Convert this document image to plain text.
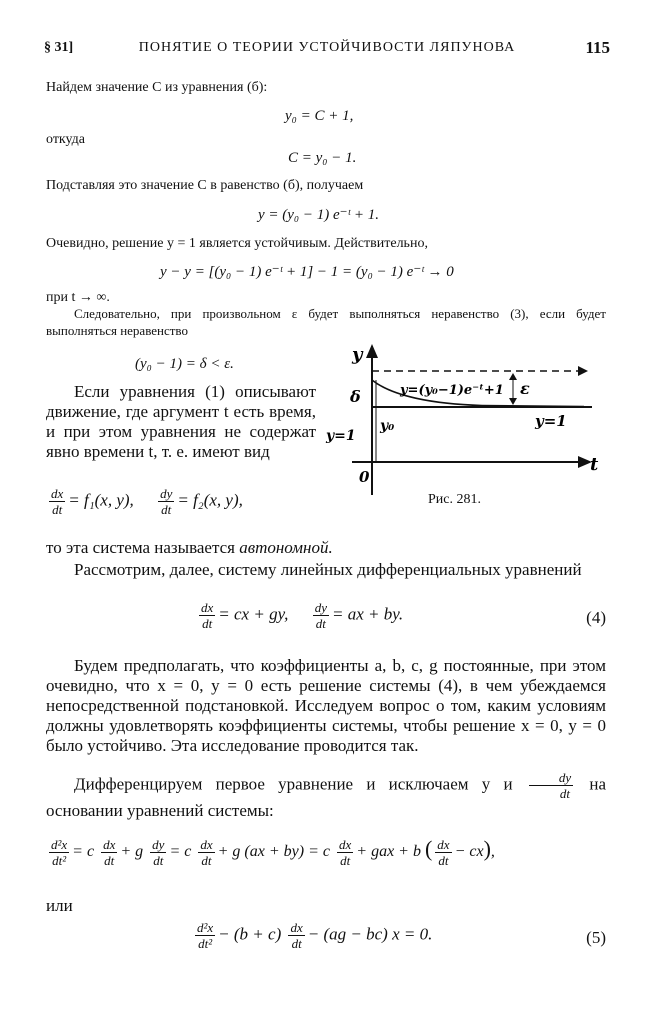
§ 31]	ПОНЯТИЕ О ТЕОРИИ УСТОЙЧИВОСТИ ЛЯПУНОВА	115

Найдем значение C из уравнения (б):

y₀ = C + 1,

откуда

C = y₀ − 1.

Подставляя это значение C в равенство (б), получаем

y = (y₀ − 1) e⁻ᵗ + 1.

Очевидно, решение y = 1 является устойчивым. Действительно,

y − y = [(y₀ − 1) e⁻ᵗ + 1] − 1 = (y₀ − 1) e⁻ᵗ → 0

при t → ∞.

Следовательно, при произвольном ε будет выполняться неравенство (3), если будет выполняться неравенство

(y₀ − 1) = δ < ε.

Если уравнения (1) описывают движение, где аргумент t есть время, и при этом уравнения не содержат явно времени t, т. е. имеют вид

$\frac{dx}{dt} = f_1(x$, y), $\frac{dy}{dt} = f_2(x$, y),
y
t
δ	ε
0
y=1
y=1
y₀
y=(y₀−1)e⁻ᵗ+1
Рис. 281.

то эта система называется автономной.

Рассмотрим, далее, систему линейных дифференциальных уравнений

$\frac{dx}{dt}$ = cx + gy, $\frac{dy}{dt}$ = ax + by.	(4)

Будем предполагать, что коэффициенты a, b, c, g постоянные, при этом очевидно, что x = 0, y = 0 есть решение системы (4), в чем убеждаемся непосредственной подстановкой. Исследуем вопрос о том, каким условиям должны удовлетворять коэффициенты системы, чтобы решение x = 0, y = 0 было устойчиво. Эта исследование проводится так.

Дифференцируем первое уравнение и исключаем y и $\frac{dy}{dt}$ на основании уравнений системы:

$\frac{\text{d²x}}{\text{dt²}} = c \frac{dx}{dt} + g \frac{dy}{dt} = c \frac{dx}{dt} + g$ (ax + by) = c $\frac{dx}{dt}$ + gax + b ( $\frac{dx}{dt} - cx$),

или

$\frac{\text{d²x}}{\text{dt²}} - (b + c) \frac{dx}{dt} - (ag - bc) x = 0$.	(5)
